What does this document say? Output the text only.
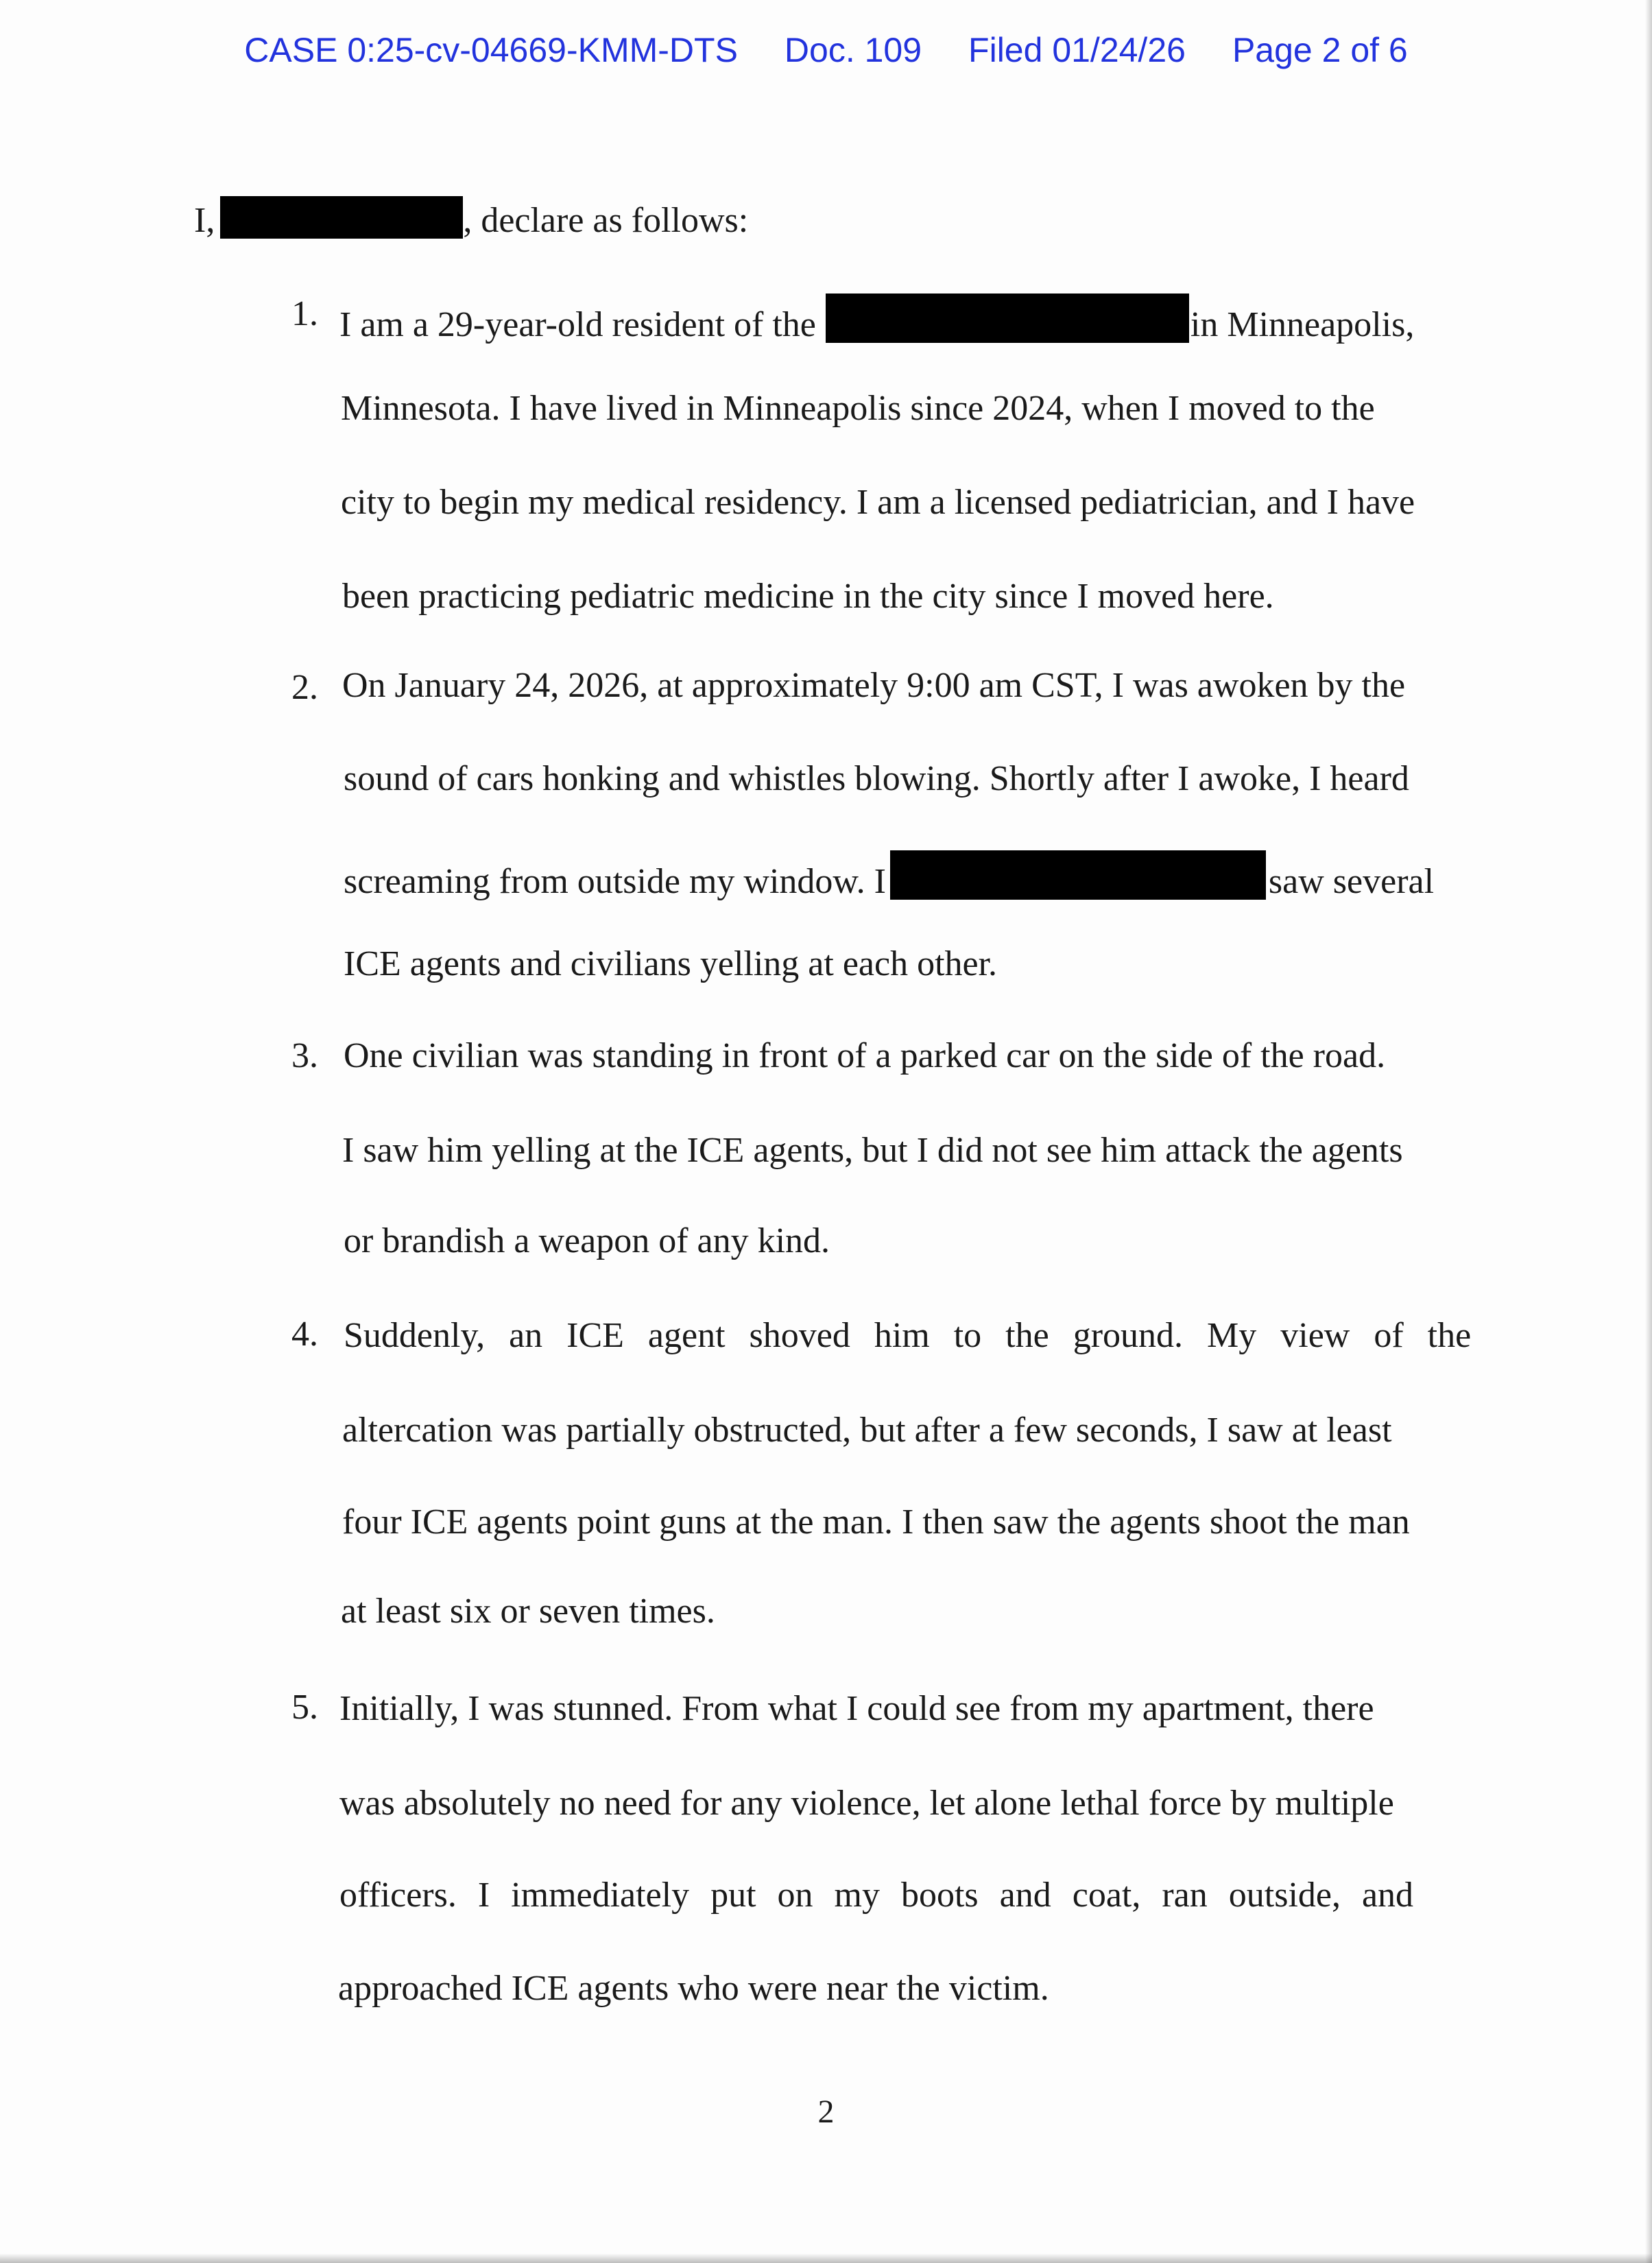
CASE 0:25-cv-04669-KMM-DTS Doc. 109 Filed 01/24/26 Page 2 of 6
I,	, declare as follows:
1. I am a 29-year-old resident of the	in Minneapolis,
Minnesota. I have lived in Minneapolis since 2024, when I moved to the
city to begin my medical residency. I am a licensed pediatrician, and I have
been practicing pediatric medicine in the city since I moved here.
2. On January 24, 2026, at approximately 9:00 am CST, I was awoken by the
sound of cars honking and whistles blowing. Shortly after I awoke, I heard
screaming from outside my window. I	saw several
ICE agents and civilians yelling at each other.
3. One civilian was standing in front of a parked car on the side of the road.
I saw him yelling at the ICE agents, but I did not see him attack the agents
or brandish a weapon of any kind.
4. Suddenly, an ICE agent shoved him to the ground. My view of the
altercation was partially obstructed, but after a few seconds, I saw at least
four ICE agents point guns at the man. I then saw the agents shoot the man
at least six or seven times.
5. Initially, I was stunned. From what I could see from my apartment, there
was absolutely no need for any violence, let alone lethal force by multiple
officers. I immediately put on my boots and coat, ran outside, and
approached ICE agents who were near the victim.
2
